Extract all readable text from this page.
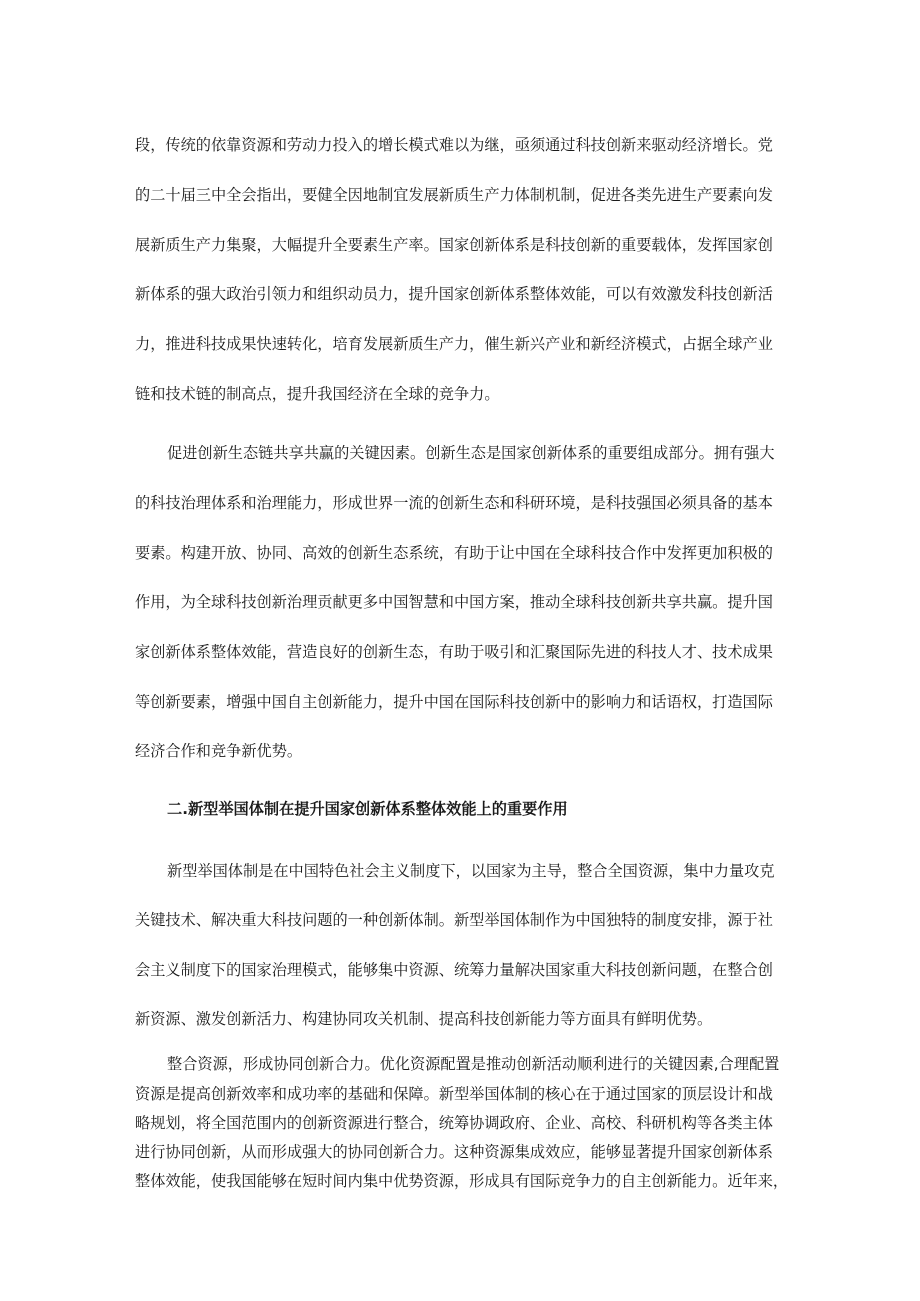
段，传统的依靠资源和劳动力投入的增长模式难以为继，亟须通过科技创新来驱动经济增长。党
的二十届三中全会指出，要健全因地制宜发展新质生产力体制机制，促进各类先进生产要素向发
展新质生产力集聚，大幅提升全要素生产率。国家创新体系是科技创新的重要载体，发挥国家创
新体系的强大政治引领力和组织动员力，提升国家创新体系整体效能，可以有效激发科技创新活
力，推进科技成果快速转化，培育发展新质生产力，催生新兴产业和新经济模式，占据全球产业
链和技术链的制高点，提升我国经济在全球的竞争力。
促进创新生态链共享共赢的关键因素。创新生态是国家创新体系的重要组成部分。拥有强大
的科技治理体系和治理能力，形成世界一流的创新生态和科研环境，是科技强国必须具备的基本
要素。构建开放、协同、高效的创新生态系统，有助于让中国在全球科技合作中发挥更加积极的
作用，为全球科技创新治理贡献更多中国智慧和中国方案，推动全球科技创新共享共赢。提升国
家创新体系整体效能，营造良好的创新生态，有助于吸引和汇聚国际先进的科技人才、技术成果
等创新要素，增强中国自主创新能力，提升中国在国际科技创新中的影响力和话语权，打造国际
经济合作和竞争新优势。
二.新型举国体制在提升国家创新体系整体效能上的重要作用
新型举国体制是在中国特色社会主义制度下，以国家为主导，整合全国资源，集中力量攻克
关键技术、解决重大科技问题的一种创新体制。新型举国体制作为中国独特的制度安排，源于社
会主义制度下的国家治理模式，能够集中资源、统筹力量解决国家重大科技创新问题，在整合创
新资源、激发创新活力、构建协同攻关机制、提高科技创新能力等方面具有鲜明优势。
整合资源，形成协同创新合力。优化资源配置是推动创新活动顺利进行的关键因素,合理配置
资源是提高创新效率和成功率的基础和保障。新型举国体制的核心在于通过国家的顶层设计和战
略规划，将全国范围内的创新资源进行整合，统筹协调政府、企业、高校、科研机构等各类主体
进行协同创新，从而形成强大的协同创新合力。这种资源集成效应，能够显著提升国家创新体系
整体效能，使我国能够在短时间内集中优势资源，形成具有国际竞争力的自主创新能力。近年来，
